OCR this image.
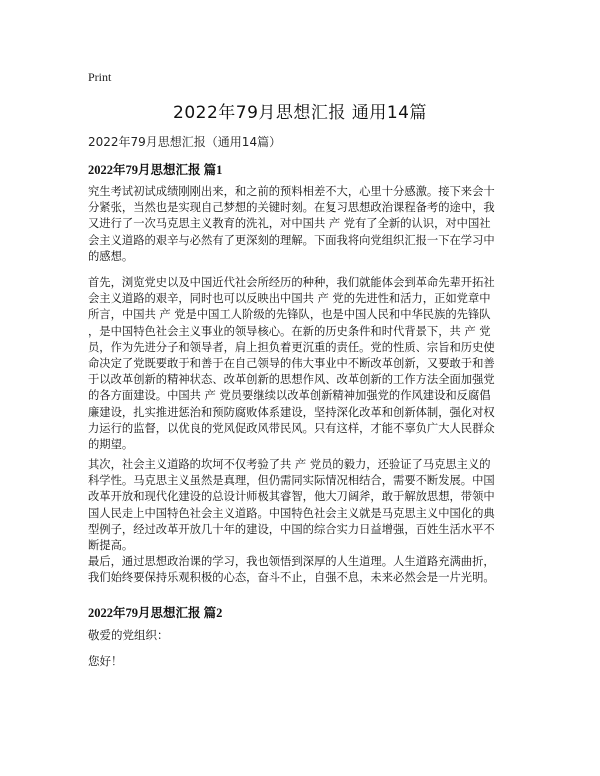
Print
2022年79月思想汇报 通用14篇
2022年79月思想汇报（通用14篇）
2022年79月思想汇报 篇1

究生考试初试成绩刚刚出来，和之前的预料相差不大，心里十分感激。接下来会十
分紧张，当然也是实现自己梦想的关键时刻。在复习思想政治课程备考的途中，我
又进行了一次马克思主义教育的洗礼，对中国共 产 党有了全新的认识，对中国社
会主义道路的艰辛与必然有了更深刻的理解。下面我将向党组织汇报一下在学习中
的感想。

首先，浏览党史以及中国近代社会所经历的种种，我们就能体会到革命先辈开拓社
会主义道路的艰辛，同时也可以反映出中国共 产 党的先进性和活力，正如党章中
所言，中国共 产 党是中国工人阶级的先锋队，也是中国人民和中华民族的先锋队
，是中国特色社会主义事业的领导核心。在新的历史条件和时代背景下，共 产 党
员，作为先进分子和领导者，肩上担负着更沉重的责任。党的性质、宗旨和历史使
命决定了党既要敢于和善于在自己领导的伟大事业中不断改革创新，又要敢于和善
于以改革创新的精神状态、改革创新的思想作风、改革创新的工作方法全面加强党
的各方面建设。中国共 产 党员要继续以改革创新精神加强党的作风建设和反腐倡
廉建设，扎实推进惩治和预防腐败体系建设，坚持深化改革和创新体制，强化对权
力运行的监督，以优良的党风促政风带民风。只有这样，才能不辜负广大人民群众
的期望。

其次，社会主义道路的坎坷不仅考验了共 产 党员的毅力，还验证了马克思主义的
科学性。马克思主义虽然是真理，但仍需同实际情况相结合，需要不断发展。中国
改革开放和现代化建设的总设计师极其睿智，他大刀阔斧，敢于解放思想，带领中
国人民走上中国特色社会主义道路。中国特色社会主义就是马克思主义中国化的典
型例子，经过改革开放几十年的建设，中国的综合实力日益增强，百姓生活水平不
断提高。

最后，通过思想政治课的学习，我也领悟到深厚的人生道理。人生道路充满曲折，
我们始终要保持乐观积极的心态，奋斗不止，自强不息，未来必然会是一片光明。

2022年79月思想汇报 篇2

敬爱的党组织：

您好！
